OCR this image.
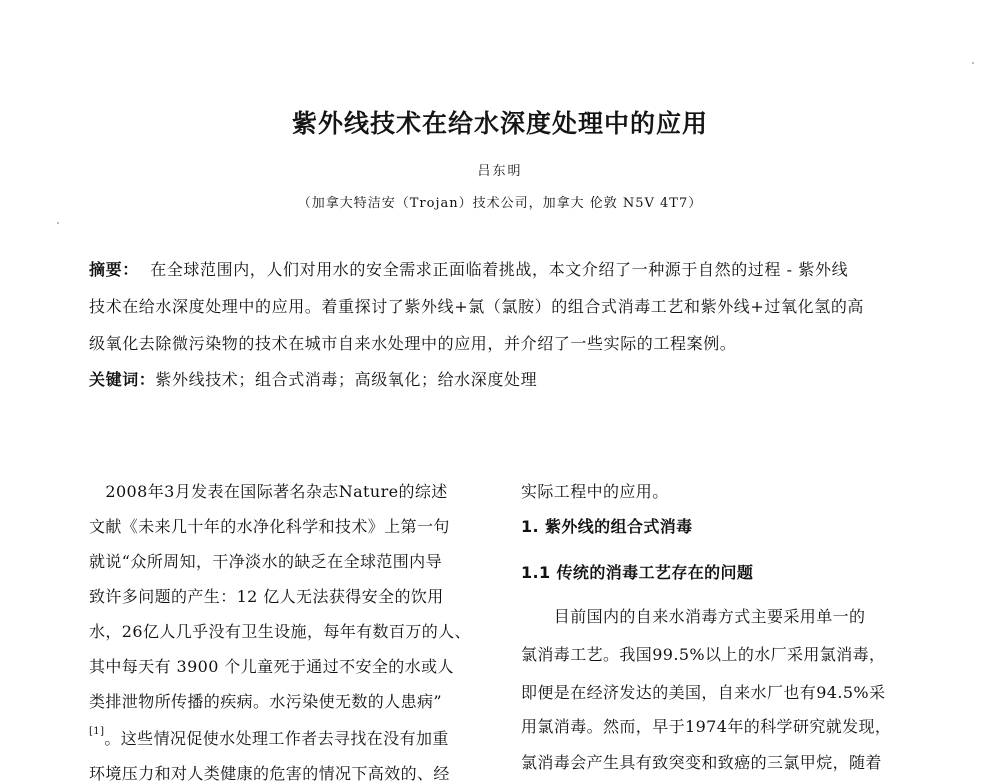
紫外线技术在给水深度处理中的应用
吕东明
（加拿大特洁安（Trojan）技术公司，加拿大 伦敦 N5V 4T7）
摘要： 在全球范围内，人们对用水的安全需求正面临着挑战，本文介绍了一种源于自然的过程 - 紫外线
技术在给水深度处理中的应用。着重探讨了紫外线+氯（氯胺）的组合式消毒工艺和紫外线+过氧化氢的高
级氧化去除微污染物的技术在城市自来水处理中的应用，并介绍了一些实际的工程案例。
关键词：紫外线技术；组合式消毒；高级氧化；给水深度处理
　2008年3月发表在国际著名杂志Nature的综述
文献《未来几十年的水净化科学和技术》上第一句
就说“众所周知，干净淡水的缺乏在全球范围内导
致许多问题的产生：12 亿人无法获得安全的饮用
水，26亿人几乎没有卫生设施，每年有数百万的人、
其中每天有 3900 个儿童死于通过不安全的水或人
类排泄物所传播的疾病。水污染使无数的人患病”
[1]。这些情况促使水处理工作者去寻找在没有加重
环境压力和对人类健康的危害的情况下高效的、经
实际工程中的应用。
1. 紫外线的组合式消毒
1.1 传统的消毒工艺存在的问题
　　目前国内的自来水消毒方式主要采用单一的
氯消毒工艺。我国99.5%以上的水厂采用氯消毒，
即便是在经济发达的美国，自来水厂也有94.5%采
用氯消毒。然而，早于1974年的科学研究就发现，
氯消毒会产生具有致突变和致癌的三氯甲烷，随着
